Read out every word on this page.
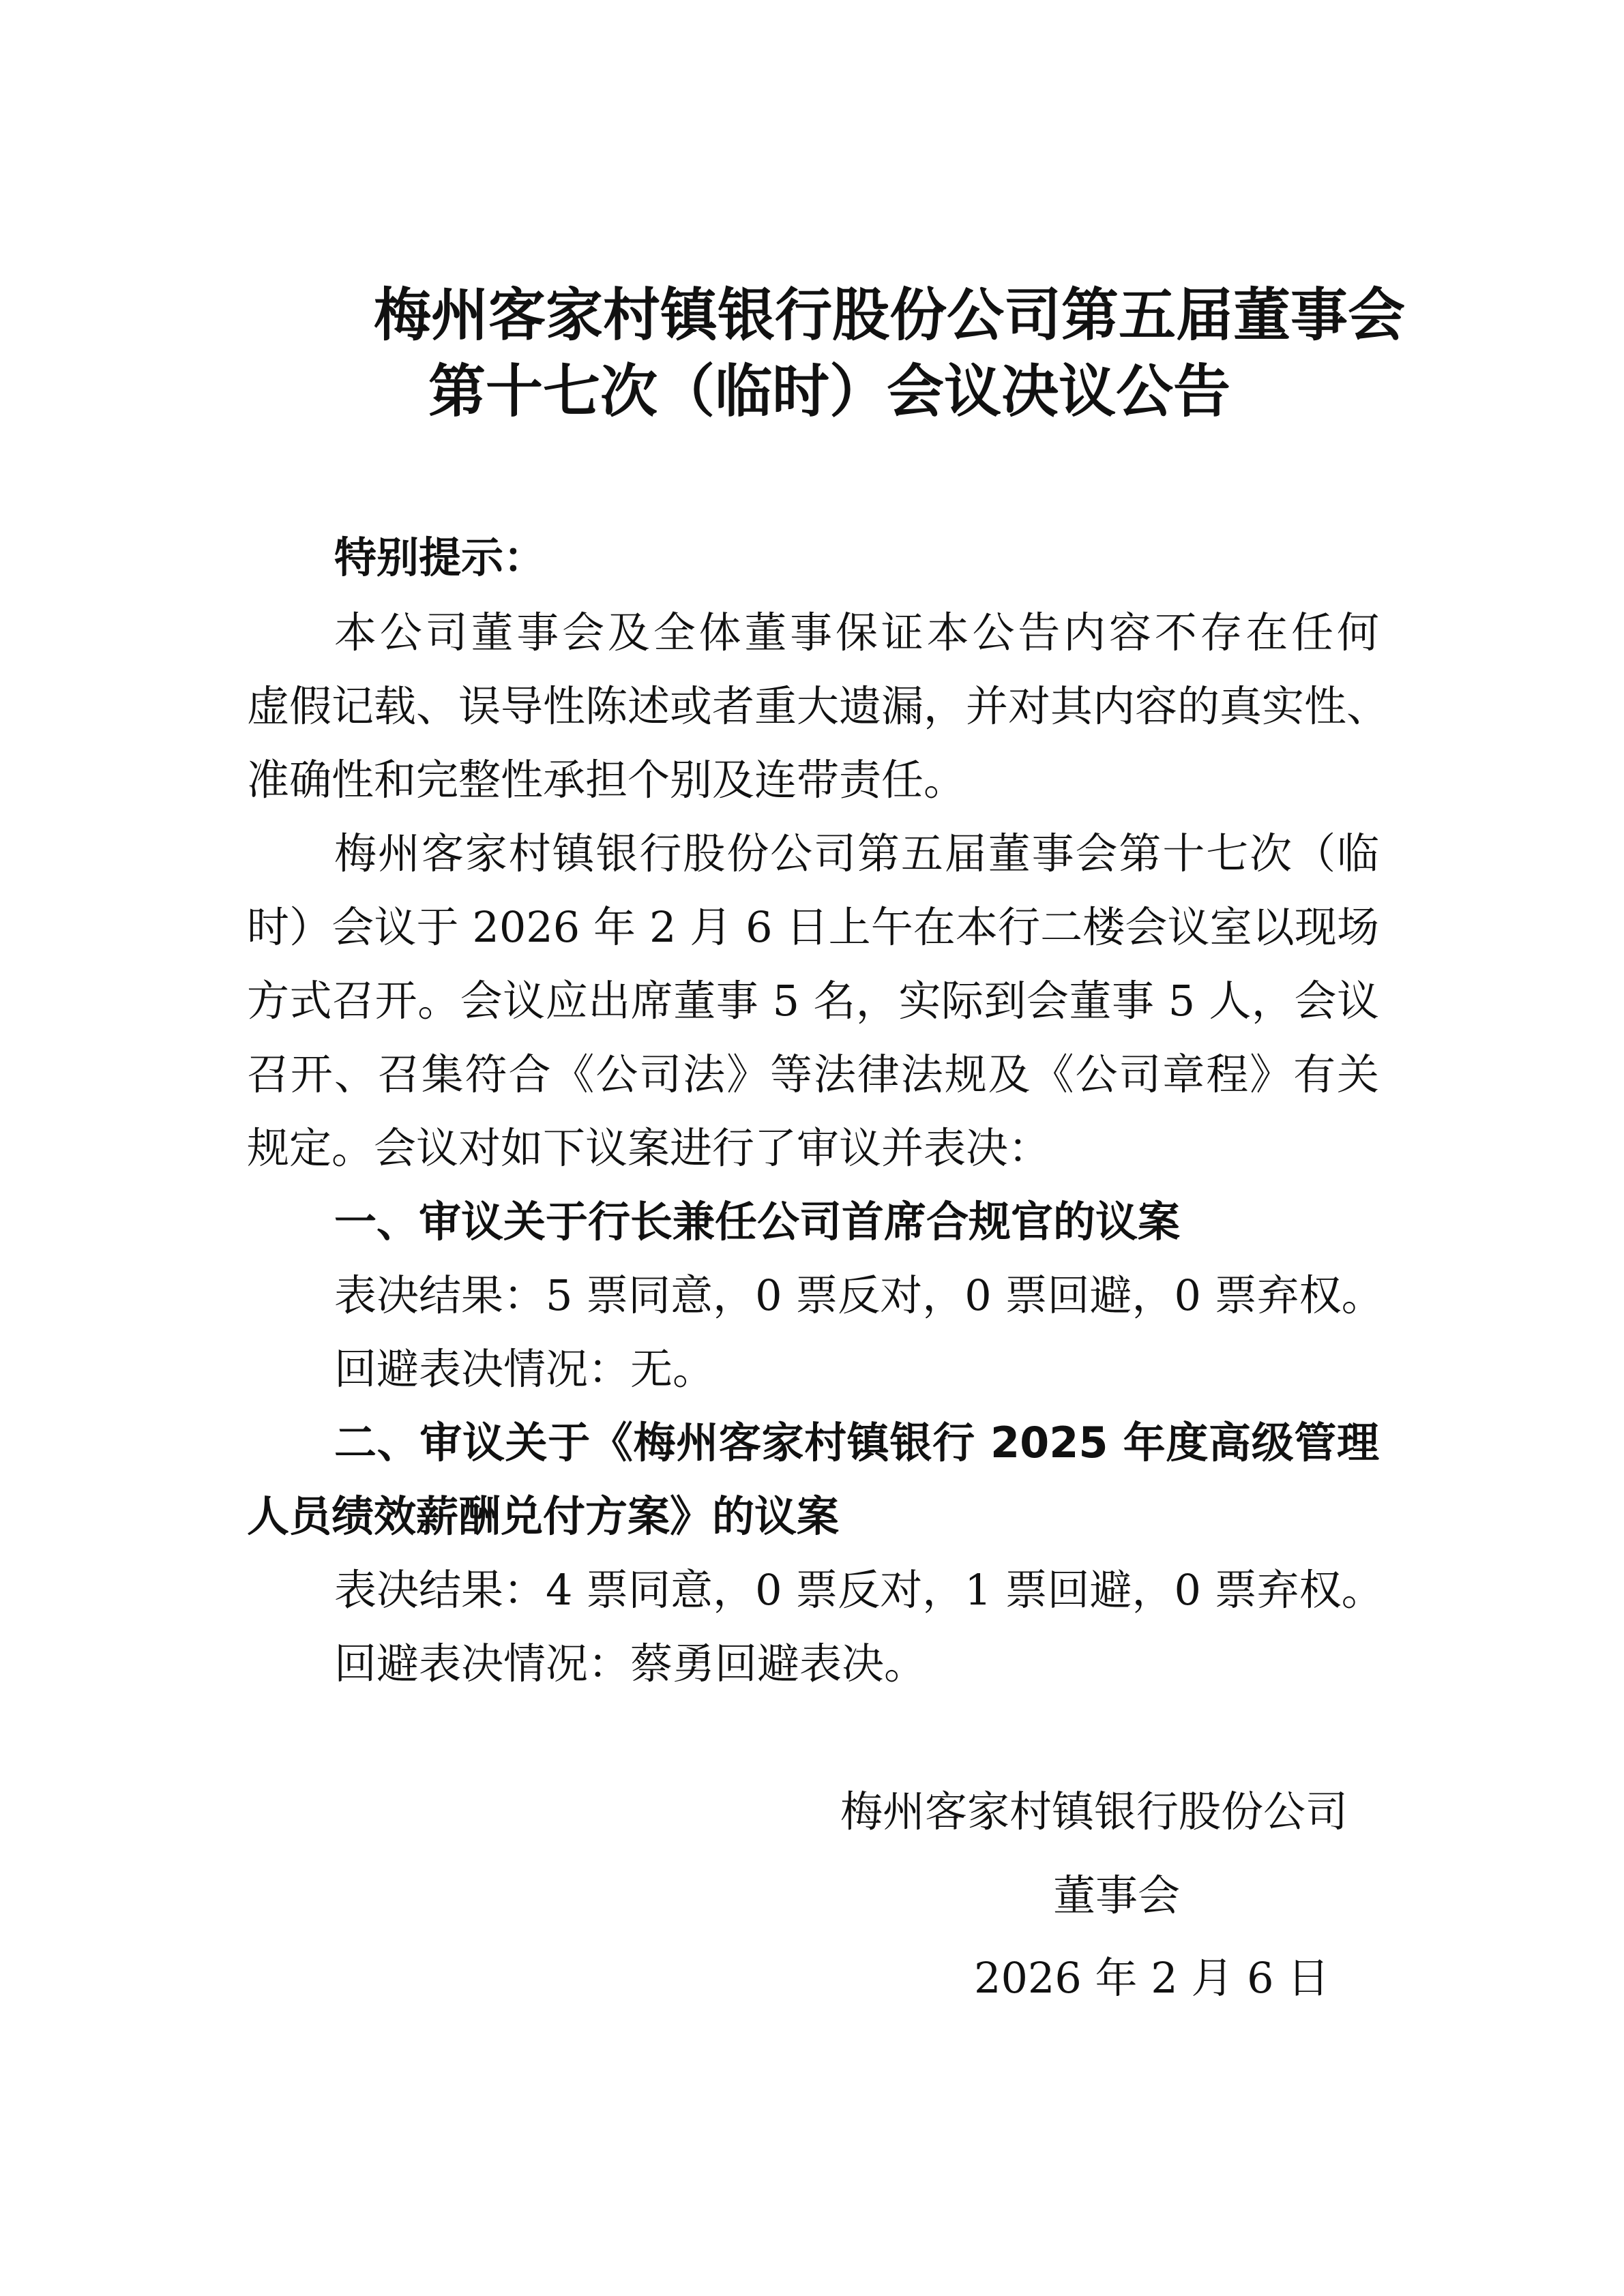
梅州客家村镇银行股份公司第五届董事会
第十七次（临时）会议决议公告
特别提示：
本公司董事会及全体董事保证本公告内容不存在任何
虚假记载、误导性陈述或者重大遗漏，并对其内容的真实性、
准确性和完整性承担个别及连带责任。
梅州客家村镇银行股份公司第五届董事会第十七次（临
时）会议于 2026 年 2 月 6 日上午在本行二楼会议室以现场
方式召开。会议应出席董事 5 名，实际到会董事 5 人，会议
召开、召集符合《公司法》等法律法规及《公司章程》有关
规定。会议对如下议案进行了审议并表决：
一、审议关于行长兼任公司首席合规官的议案
表决结果：5 票同意，0 票反对，0 票回避，0 票弃权。
回避表决情况：无。
二、审议关于《梅州客家村镇银行 2025 年度高级管理
人员绩效薪酬兑付方案》的议案
表决结果：4 票同意，0 票反对，1 票回避，0 票弃权。
回避表决情况：蔡勇回避表决。
梅州客家村镇银行股份公司
董事会
2026 年 2 月 6 日
